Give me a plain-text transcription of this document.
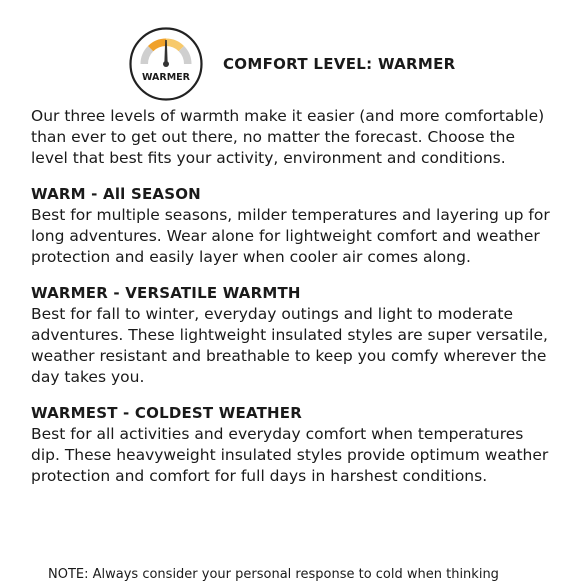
WARMER
COMFORT LEVEL: WARMER

Our three levels of warmth make it easier (and more comfortable) than ever to get out there, no matter the forecast. Choose the level that best fits your activity, environment and conditions.

WARM - All SEASON

Best for multiple seasons, milder temperatures and layering up for long adventures. Wear alone for lightweight comfort and weather protection and easily layer when cooler air comes along.

WARMER - VERSATILE WARMTH

Best for fall to winter, everyday outings and light to moderate adventures. These lightweight insulated styles are super versatile, weather resistant and breathable to keep you comfy wherever the day takes you.

WARMEST - COLDEST WEATHER

Best for all activities and everyday comfort when temperatures dip. These heavyweight insulated styles provide optimum weather protection and comfort for full days in harshest conditions.

NOTE: Always consider your personal response to cold when thinking
